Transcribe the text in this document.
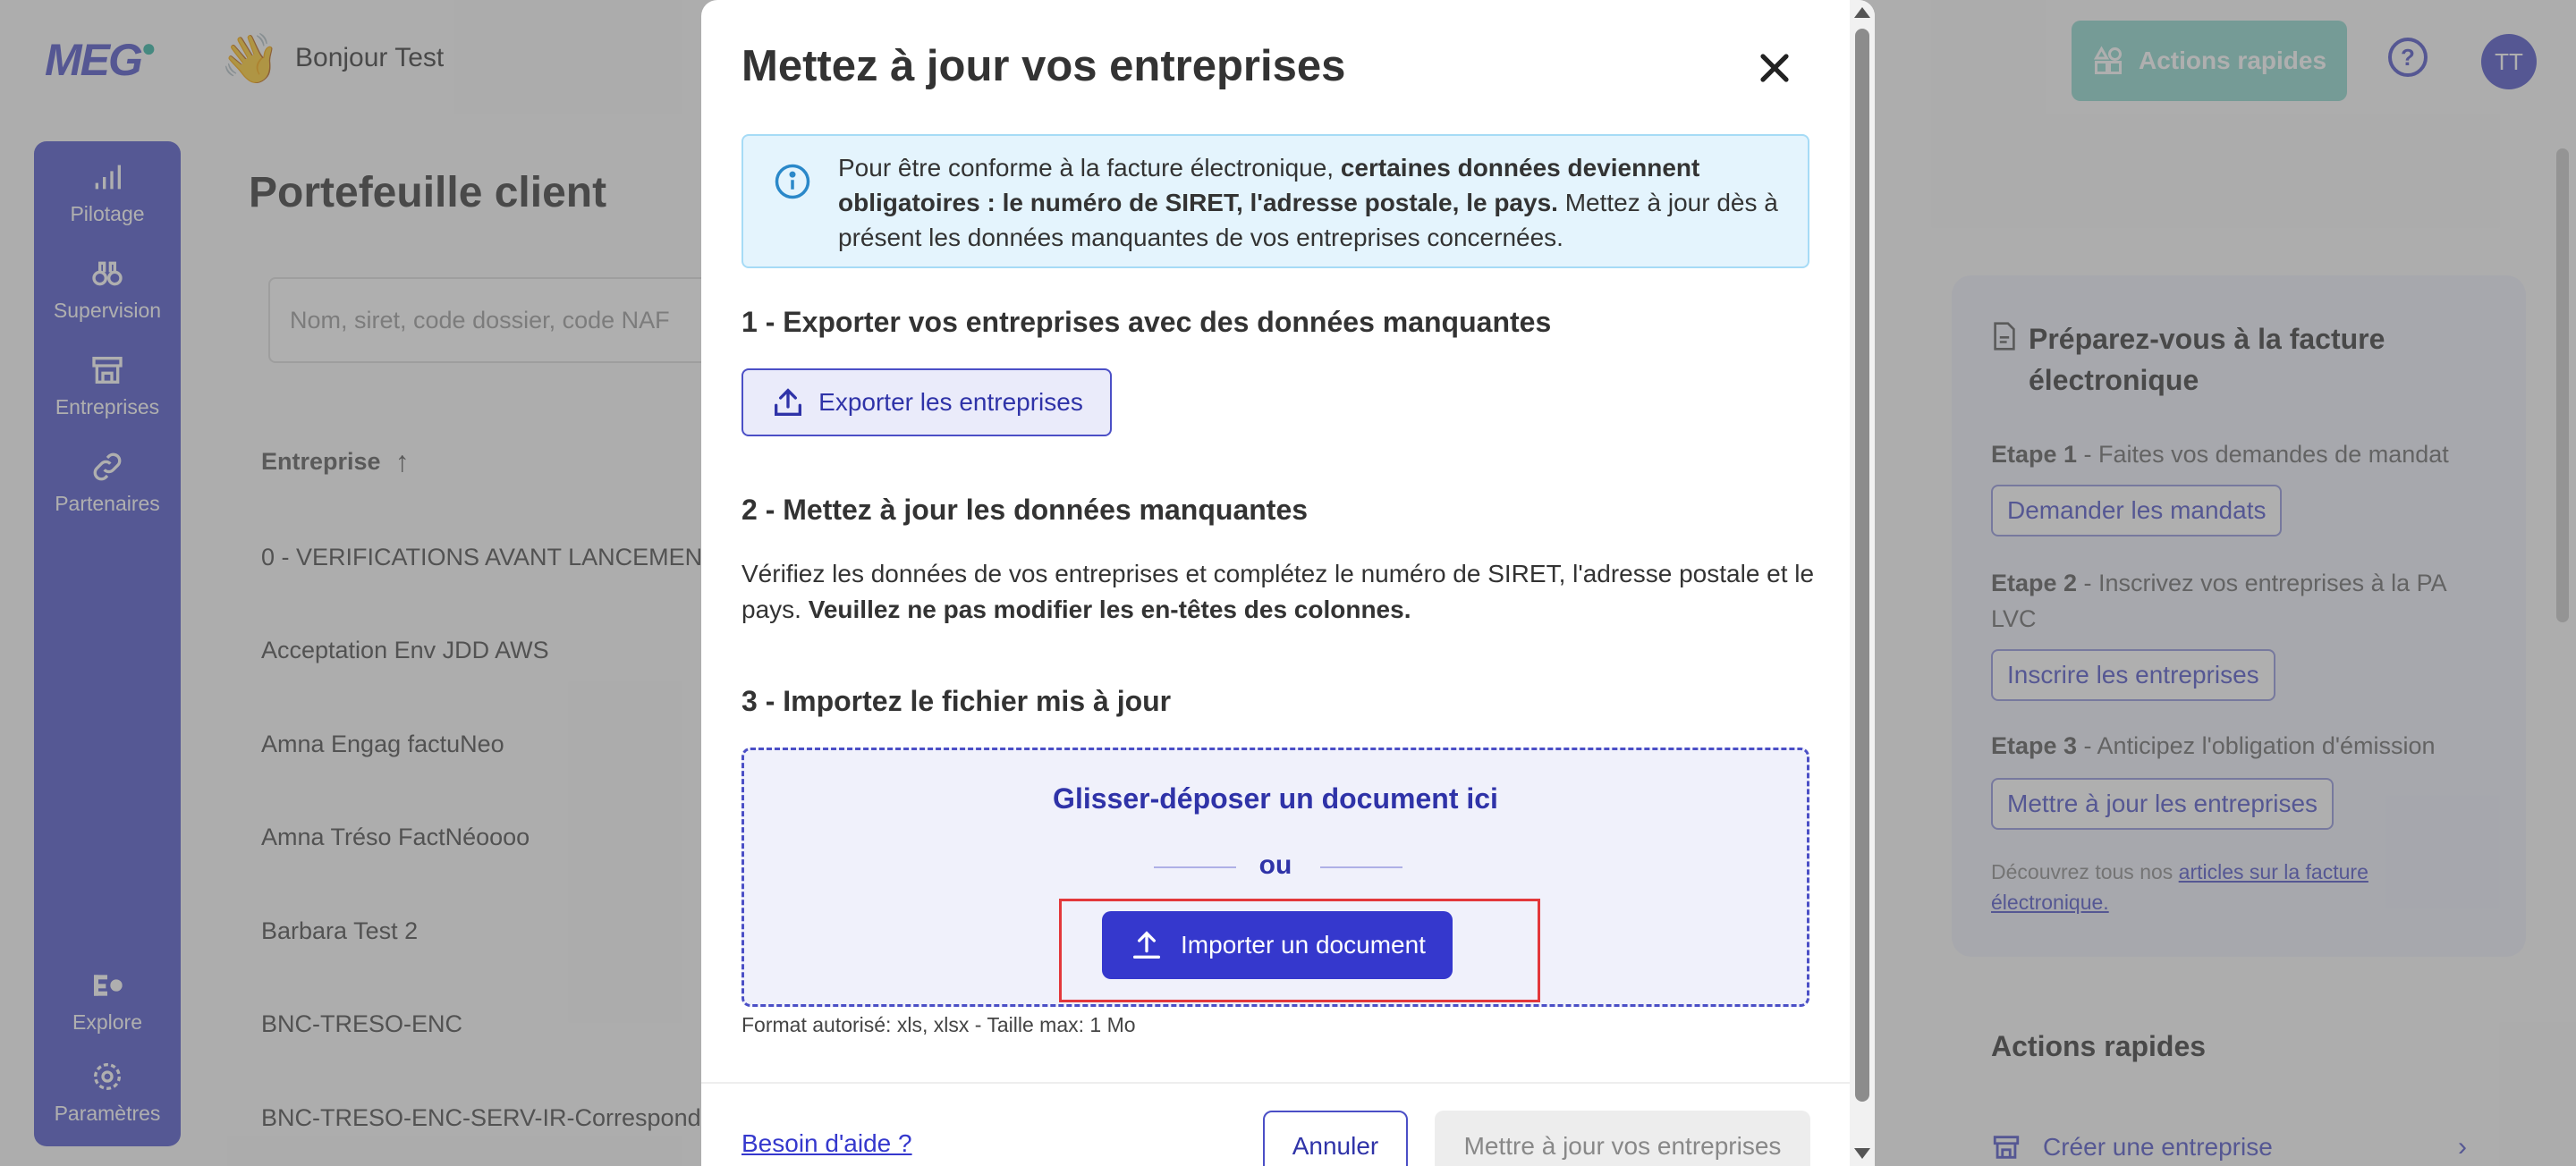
Mettez à jour vos entreprises
Pour être conforme à la facture électronique, certaines données deviennent obligatoires : le numéro de SIRET, l'adresse postale, le pays. Mettez à jour dès à présent les données manquantes de vos entreprises concernées.
1 - Exporter vos entreprises avec des données manquantes
Exporter les entreprises
2 - Mettez à jour les données manquantes
Vérifiez les données de vos entreprises et complétez le numéro de SIRET, l'adresse postale et le pays. Veuillez ne pas modifier les en-têtes des colonnes.
3 - Importez le fichier mis à jour
Glisser-déposer un document ici
ou
Importer un document
Format autorisé: xls, xlsx - Taille max: 1 Mo
Besoin d'aide ?	Annuler	Mettre à jour vos entreprises
